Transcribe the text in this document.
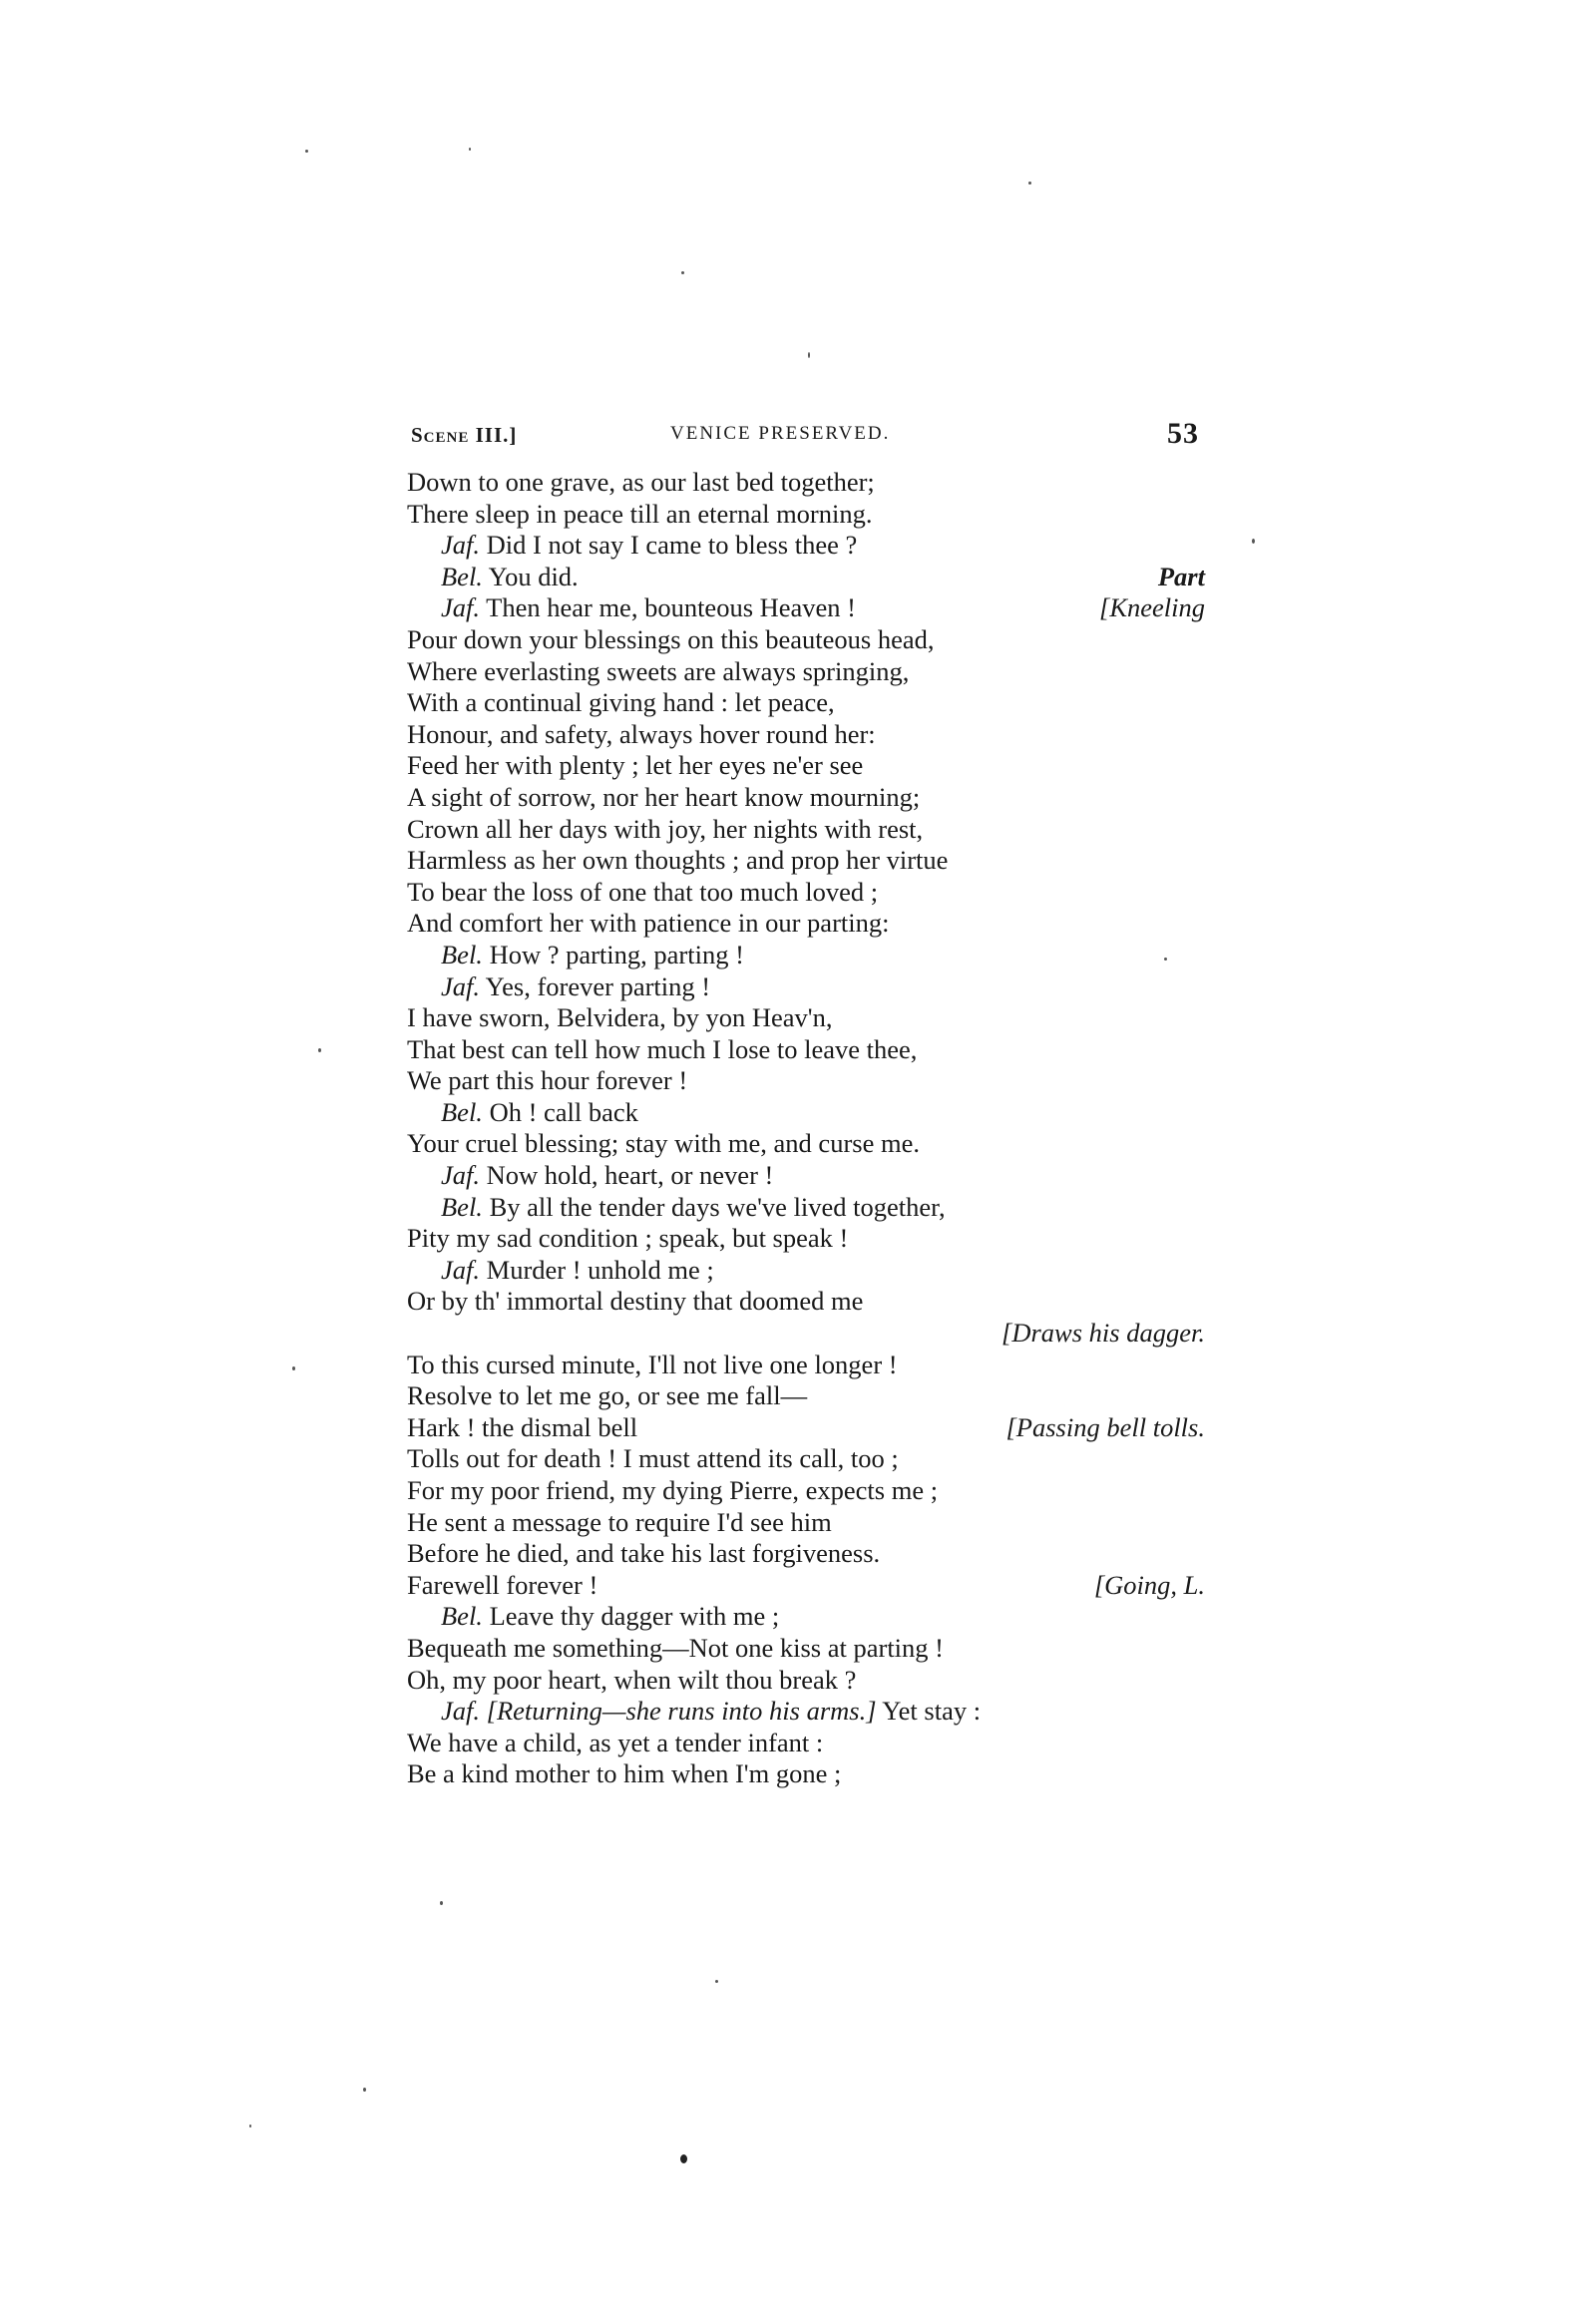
Scene III.]	VENICE PRESERVED.	53
Down to one grave, as our last bed together;
There sleep in peace till an eternal morning.
Jaf. Did I not say I came to bless thee ?
Bel. You did.	Part
Jaf. Then hear me, bounteous Heaven !	[Kneeling
Pour down your blessings on this beauteous head,
Where everlasting sweets are always springing,
With a continual giving hand : let peace,
Honour, and safety, always hover round her:
Feed her with plenty ; let her eyes ne'er see
A sight of sorrow, nor her heart know mourning;
Crown all her days with joy, her nights with rest,
Harmless as her own thoughts ; and prop her virtue
To bear the loss of one that too much loved ;
And comfort her with patience in our parting:
Bel. How ? parting, parting !
Jaf. Yes, forever parting !
I have sworn, Belvidera, by yon Heav'n,
That best can tell how much I lose to leave thee,
We part this hour forever !
Bel. Oh ! call back
Your cruel blessing; stay with me, and curse me.
Jaf. Now hold, heart, or never !
Bel. By all the tender days we've lived together,
Pity my sad condition ; speak, but speak !
Jaf. Murder ! unhold me ;
Or by th' immortal destiny that doomed me
[Draws his dagger.
To this cursed minute, I'll not live one longer !
Resolve to let me go, or see me fall—
Hark ! the dismal bell	[Passing bell tolls.
Tolls out for death ! I must attend its call, too ;
For my poor friend, my dying Pierre, expects me ;
He sent a message to require I'd see him
Before he died, and take his last forgiveness.
Farewell forever !	[Going, L.
Bel. Leave thy dagger with me ;
Bequeath me something—Not one kiss at parting !
Oh, my poor heart, when wilt thou break ?
Jaf. [Returning—she runs into his arms.] Yet stay :
We have a child, as yet a tender infant :
Be a kind mother to him when I'm gone ;
